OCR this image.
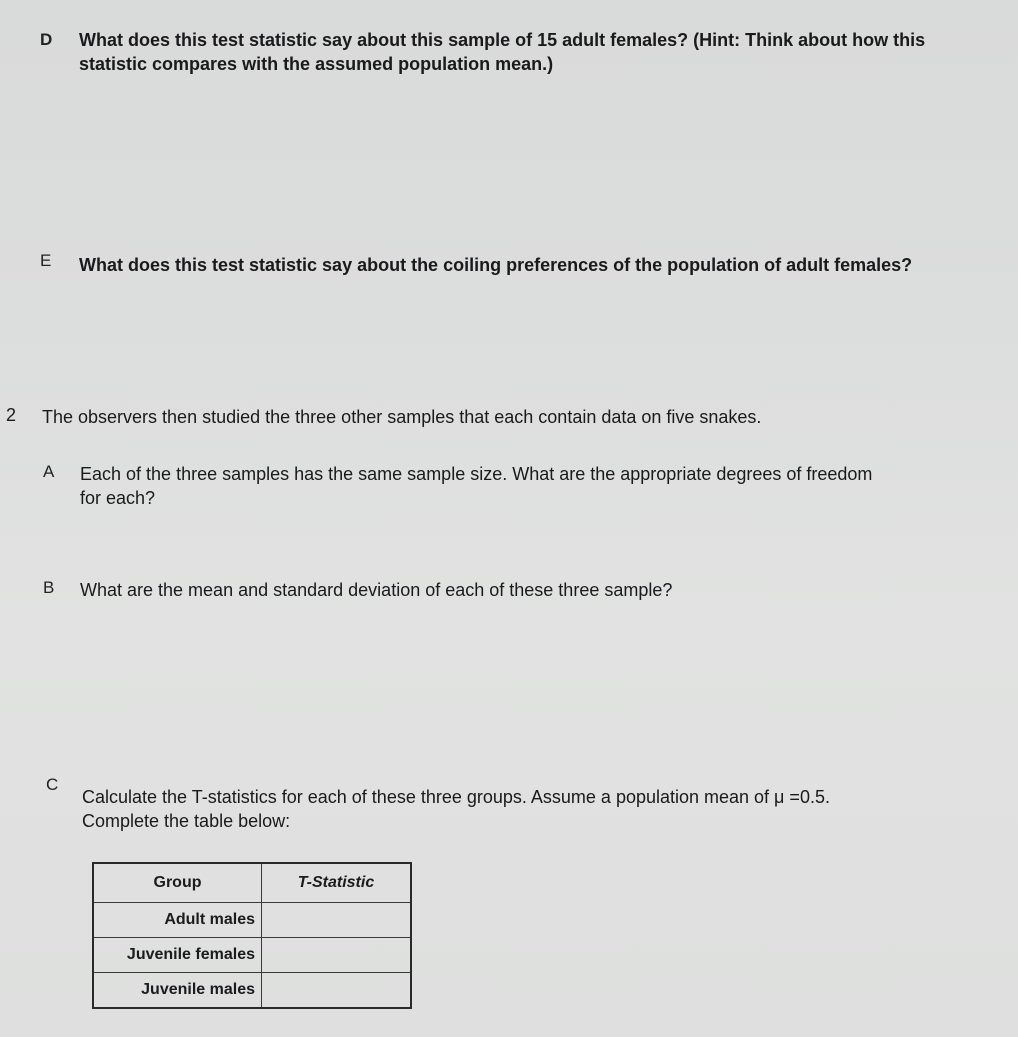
D What does this test statistic say about this sample of 15 adult females? (Hint: Think about how this
statistic compares with the assumed population mean.)
E What does this test statistic say about the coiling preferences of the population of adult females?
2 The observers then studied the three other samples that each contain data on five snakes.
A Each of the three samples has the same sample size. What are the appropriate degrees of freedom
for each?
B What are the mean and standard deviation of each of these three sample?
C
Calculate the T-statistics for each of these three groups. Assume a population mean of μ =0.5.
Complete the table below:
Group	T-Statistic
Adult males	
Juvenile females	
Juvenile males	
